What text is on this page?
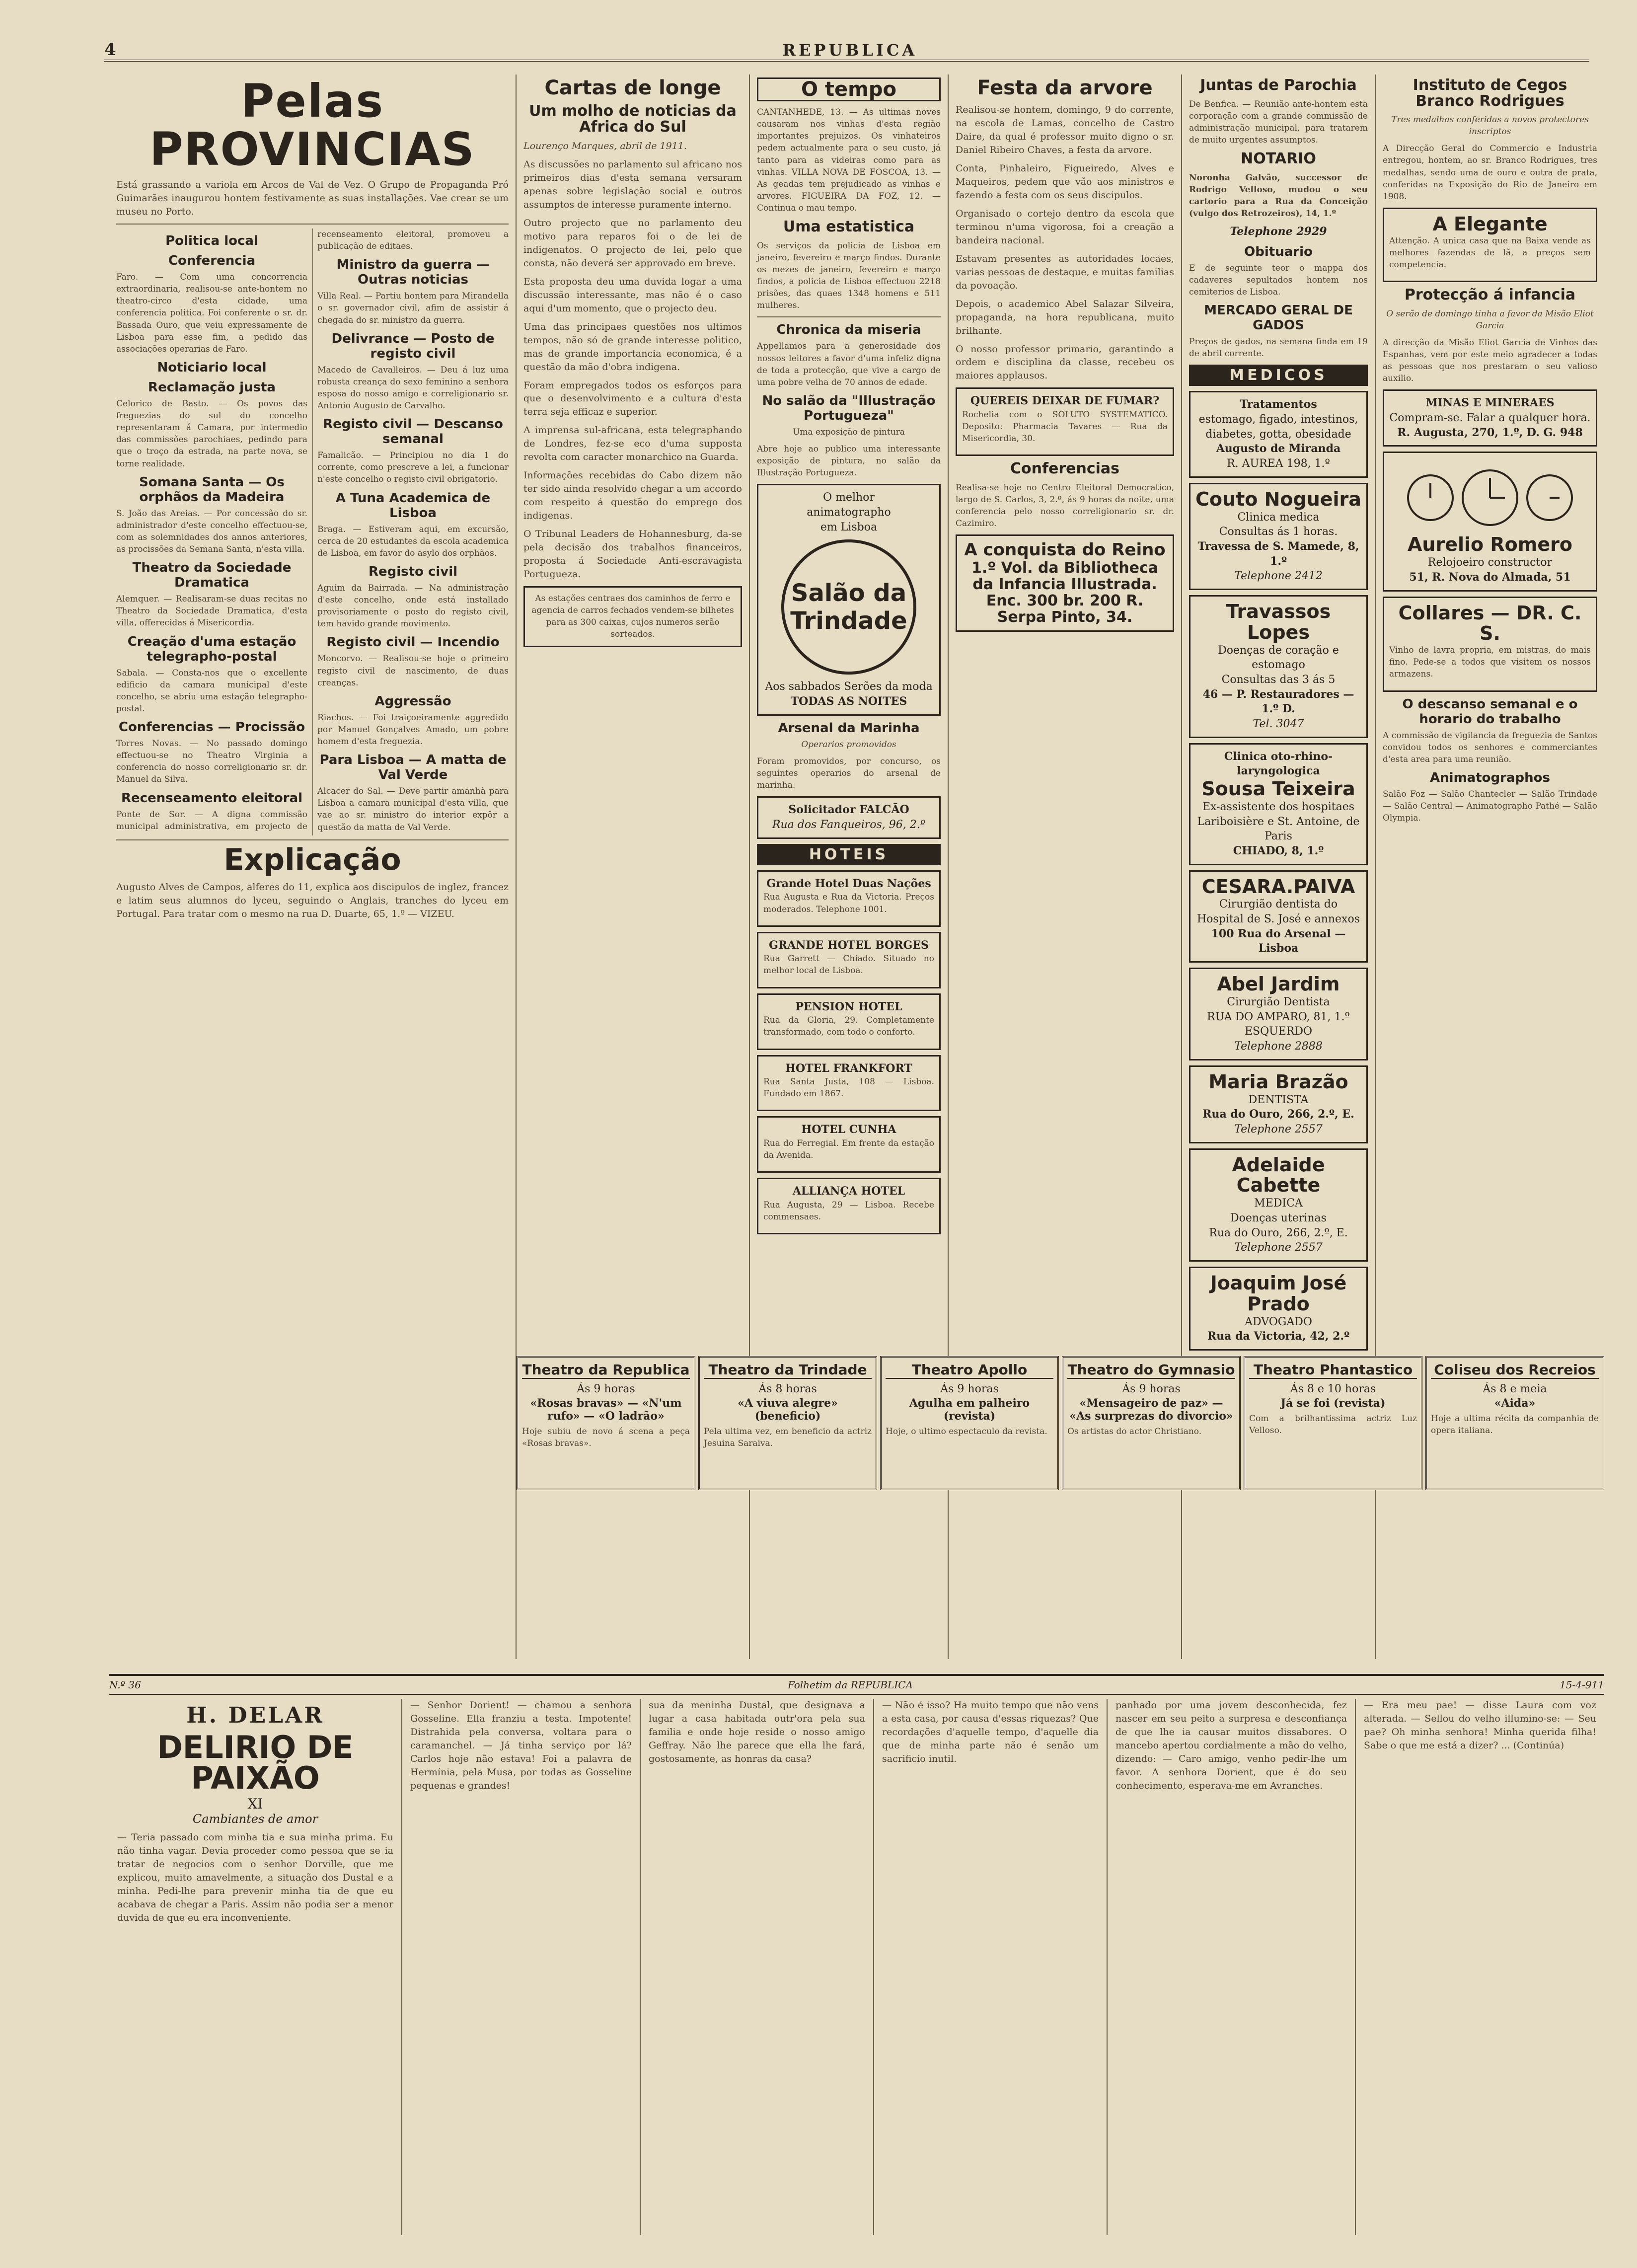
4	REPUBLICA

Pelas PROVINCIAS
Está grassando a variola em Arcos de Val de Vez. O Grupo de Propaganda Pró Guimarães inaugurou hontem festivamente as suas installações. Vae crear se um museu no Porto.
Politica local
Conferencia
Faro. — Com uma concorrencia extraordinaria, realisou-se ante-hontem no theatro-circo d'esta cidade, uma conferencia politica. Foi conferente o sr. dr. Bassada Ouro, que veiu expressamente de Lisboa para esse fim, a pedido das associações operarias de Faro.
Noticiario local
Reclamação justa
Celorico de Basto. — Os povos das freguezias do sul do concelho representaram á Camara, por intermedio das commissões parochiaes, pedindo para que o troço da estrada, na parte nova, se torne realidade.
Somana Santa — Os orphãos da Madeira
S. João das Areias. — Por concessão do sr. administrador d'este concelho effectuou-se, com as solemnidades dos annos anteriores, as procissões da Semana Santa, n'esta villa.
Theatro da Sociedade Dramatica
Alemquer. — Realisaram-se duas recitas no Theatro da Sociedade Dramatica, d'esta villa, offerecidas á Misericordia.
Creação d'uma estação telegrapho-postal
Sabala. — Consta-nos que o excellente edificio da camara municipal d'este concelho, se abriu uma estação telegrapho-postal.
Conferencias — Procissão
Torres Novas. — No passado domingo effectuou-se no Theatro Virginia a conferencia do nosso correligionario sr. dr. Manuel da Silva.
Recenseamento eleitoral
Ponte de Sor. — A digna commissão municipal administrativa, em projecto de recenseamento eleitoral, promoveu a publicação de editaes.
Ministro da guerra — Outras noticias
Villa Real. — Partiu hontem para Mirandella o sr. governador civil, afim de assistir á chegada do sr. ministro da guerra.
Delivrance — Posto de registo civil
Macedo de Cavalleiros. — Deu á luz uma robusta creança do sexo feminino a senhora esposa do nosso amigo e correligionario sr. Antonio Augusto de Carvalho.
Registo civil — Descanso semanal
Famalicão. — Principiou no dia 1 do corrente, como prescreve a lei, a funcionar n'este concelho o registo civil obrigatorio.
A Tuna Academica de Lisboa
Braga. — Estiveram aqui, em excursão, cerca de 20 estudantes da escola academica de Lisboa, em favor do asylo dos orphãos.
Registo civil
Aguim da Bairrada. — Na administração d'este concelho, onde está installado provisoriamente o posto do registo civil, tem havido grande movimento.
Registo civil — Incendio
Moncorvo. — Realisou-se hoje o primeiro registo civil de nascimento, de duas creanças.
Aggressão
Riachos. — Foi traiçoeiramente aggredido por Manuel Gonçalves Amado, um pobre homem d'esta freguezia.
Para Lisboa — A matta de Val Verde
Alcacer do Sal. — Deve partir amanhã para Lisboa a camara municipal d'esta villa, que vae ao sr. ministro do interior expôr a questão da matta de Val Verde.
Explicação
Augusto Alves de Campos, alferes do 11, explica aos discipulos de inglez, francez e latim seus alumnos do lyceu, seguindo o Anglais, tranches do lyceu em Portugal. Para tratar com o mesmo na rua D. Duarte, 65, 1.º — VIZEU.
Cartas de longe
Um molho de noticias da Africa do Sul
Lourenço Marques, abril de 1911.
As discussões no parlamento sul africano nos primeiros dias d'esta semana versaram apenas sobre legislação social e outros assumptos de interesse puramente interno.
Outro projecto que no parlamento deu motivo para reparos foi o de lei de indigenatos. O projecto de lei, pelo que consta, não deverá ser approvado em breve.
Esta proposta deu uma duvida logar a uma discussão interessante, mas não é o caso aqui d'um momento, que o projecto deu.
Uma das principaes questões nos ultimos tempos, não só de grande interesse politico, mas de grande importancia economica, é a questão da mão d'obra indigena.
Foram empregados todos os esforços para que o desenvolvimento e a cultura d'esta terra seja efficaz e superior.
A imprensa sul-africana, esta telegraphando de Londres, fez-se eco d'uma supposta revolta com caracter monarchico na Guarda.
Informações recebidas do Cabo dizem não ter sido ainda resolvido chegar a um accordo com respeito á questão do emprego dos indigenas.
O Tribunal Leaders de Hohannesburg, da-se pela decisão dos trabalhos financeiros, proposta á Sociedade Anti-escravagista Portugueza.
As estações centraes dos caminhos de ferro e agencia de carros fechados vendem-se bilhetes para as 300 caixas, cujos numeros serão sorteados.
O tempo
CANTANHEDE, 13. — As ultimas noves causaram nos vinhas d'esta região importantes prejuizos. Os vinhateiros pedem actualmente para o seu custo, já tanto para as videiras como para as vinhas. VILLA NOVA DE FOSCOA, 13. — As geadas tem prejudicado as vinhas e arvores. FIGUEIRA DA FOZ, 12. — Continua o mau tempo.
Uma estatistica
Os serviços da policia de Lisboa em janeiro, fevereiro e março findos. Durante os mezes de janeiro, fevereiro e março findos, a policia de Lisboa effectuou 2218 prisões, das quaes 1348 homens e 511 mulheres.
Chronica da miseria
Appellamos para a generosidade dos nossos leitores a favor d'uma infeliz digna de toda a protecção, que vive a cargo de uma pobre velha de 70 annos de edade.
No salão da "Illustração Portugueza"
Uma exposição de pintura
Abre hoje ao publico uma interessante exposição de pintura, no salão da Illustração Portugueza.
O melhor
animatographo
em Lisboa
Salão da
Trindade
Aos sabbados Serões da moda
TODAS AS NOITES
Arsenal da Marinha
Operarios promovidos
Foram promovidos, por concurso, os seguintes operarios do arsenal de marinha.
Solicitador FALCÃO
Rua dos Fanqueiros, 96, 2.º
HOTEIS
Grande Hotel Duas Nações
Rua Augusta e Rua da Victoria. Preços moderados. Telephone 1001.
GRANDE HOTEL BORGES
Rua Garrett — Chiado. Situado no melhor local de Lisboa.
PENSION HOTEL
Rua da Gloria, 29. Completamente transformado, com todo o conforto.
HOTEL FRANKFORT
Rua Santa Justa, 108 — Lisboa. Fundado em 1867.
HOTEL CUNHA
Rua do Ferregial. Em frente da estação da Avenida.
ALLIANÇA HOTEL
Rua Augusta, 29 — Lisboa. Recebe commensaes.
Festa da arvore
Realisou-se hontem, domingo, 9 do corrente, na escola de Lamas, concelho de Castro Daire, da qual é professor muito digno o sr. Daniel Ribeiro Chaves, a festa da arvore.
Conta, Pinhaleiro, Figueiredo, Alves e Maqueiros, pedem que vão aos ministros e fazendo a festa com os seus discipulos.
Organisado o cortejo dentro da escola que terminou n'uma vigorosa, foi a creação a bandeira nacional.
Estavam presentes as autoridades locaes, varias pessoas de destaque, e muitas familias da povoação.
Depois, o academico Abel Salazar Silveira, propaganda, na hora republicana, muito brilhante.
O nosso professor primario, garantindo a ordem e disciplina da classe, recebeu os maiores applausos.
QUEREIS DEIXAR DE FUMAR?
Rochelia com o SOLUTO SYSTEMATICO. Deposito: Pharmacia Tavares — Rua da Misericordia, 30.
Conferencias
Realisa-se hoje no Centro Eleitoral Democratico, largo de S. Carlos, 3, 2.º, ás 9 horas da noite, uma conferencia pelo nosso correligionario sr. dr. Cazimiro.
A conquista do Reino
1.º Vol. da Bibliotheca da Infancia Illustrada. Enc. 300 br. 200 R. Serpa Pinto, 34.
Juntas de Parochia
De Benfica. — Reunião ante-hontem esta corporação com a grande commissão de administração municipal, para tratarem de muito urgentes assumptos.
NOTARIO
Noronha Galvão, successor de Rodrigo Velloso, mudou o seu cartorio para a Rua da Conceição (vulgo dos Retrozeiros), 14, 1.º
Telephone 2929
Obituario
E de seguinte teor o mappa dos cadaveres sepultados hontem nos cemiterios de Lisboa.
MERCADO GERAL DE GADOS
Preços de gados, na semana finda em 19 de abril corrente.
MEDICOS
Tratamentos
estomago, figado, intestinos, diabetes, gotta, obesidade
Augusto de Miranda
R. AUREA 198, 1.º
Couto Nogueira
Clinica medica
Consultas ás 1 horas.
Travessa de S. Mamede, 8, 1.º
Telephone 2412
Travassos Lopes
Doenças de coração e estomago
Consultas das 3 ás 5
46 — P. Restauradores — 1.º D.
Tel. 3047
Clinica oto-rhino-laryngologica
Sousa Teixeira
Ex-assistente dos hospitaes Lariboisière e St. Antoine, de Paris
CHIADO, 8, 1.º
CESARA.PAIVA
Cirurgião dentista do Hospital de S. José e annexos
100 Rua do Arsenal — Lisboa
Abel Jardim
Cirurgião Dentista
RUA DO AMPARO, 81, 1.º ESQUERDO
Telephone 2888
Maria Brazão
DENTISTA
Rua do Ouro, 266, 2.º, E.
Telephone 2557
Adelaide Cabette
MEDICA
Doenças uterinas
Rua do Ouro, 266, 2.º, E.
Telephone 2557
Joaquim José Prado
ADVOGADO
Rua da Victoria, 42, 2.º
Instituto de Cegos Branco Rodrigues
Tres medalhas conferidas a novos protectores inscriptos
A Direcção Geral do Commercio e Industria entregou, hontem, ao sr. Branco Rodrigues, tres medalhas, sendo uma de ouro e outra de prata, conferidas na Exposição do Rio de Janeiro em 1908.
A Elegante
Attenção. A unica casa que na Baixa vende as melhores fazendas de lã, a preços sem competencia.
Protecção á infancia
O serão de domingo tinha a favor da Misão Eliot Garcia
A direcção da Misão Eliot Garcia de Vinhos das Espanhas, vem por este meio agradecer a todas as pessoas que nos prestaram o seu valioso auxilio.
MINAS E MINERAES
Compram-se. Falar a qualquer hora.
R. Augusta, 270, 1.º, D. G. 948
Aurelio Romero
Relojoeiro constructor
51, R. Nova do Almada, 51
Collares — DR. C. S.
Vinho de lavra propria, em mistras, do mais fino. Pede-se a todos que visitem os nossos armazens.
O descanso semanal e o horario do trabalho
A commissão de vigilancia da freguezia de Santos convidou todos os senhores e commerciantes d'esta area para uma reunião.
Animatographos
Salão Foz — Salão Chantecler — Salão Trindade — Salão Central — Animatographo Pathé — Salão Olympia.
Theatro da Republica
Ás 9 horas
«Rosas bravas» — «N'um rufo» — «O ladrão»
Hoje subiu de novo á scena a peça «Rosas bravas».
Theatro da Trindade
Ás 8 horas
«A viuva alegre» (beneficio)
Pela ultima vez, em beneficio da actriz Jesuina Saraiva.
Theatro Apollo
Ás 9 horas
Agulha em palheiro (revista)
Hoje, o ultimo espectaculo da revista.
Theatro do Gymnasio
Ás 9 horas
«Mensageiro de paz» — «As surprezas do divorcio»
Os artistas do actor Christiano.
Theatro Phantastico
Ás 8 e 10 horas
Já se foi (revista)
Com a brilhantissima actriz Luz Velloso.
Coliseu dos Recreios
Ás 8 e meia
«Aida»
Hoje a ultima récita da companhia de opera italiana.
N.º 36	Folhetim da REPUBLICA	15-4-911
H. DELAR
DELIRIO DE PAIXÃO
XI
Cambiantes de amor
— Teria passado com minha tia e sua minha prima. Eu não tinha vagar. Devia proceder como pessoa que se ia tratar de negocios com o senhor Dorville, que me explicou, muito amavelmente, a situação dos Dustal e a minha. Pedi-lhe para prevenir minha tia de que eu acabava de chegar a Paris. Assim não podia ser a menor duvida de que eu era inconveniente.
— Senhor Dorient! — chamou a senhora Gosseline. Ella franziu a testa. Impotente! Distrahida pela conversa, voltara para o caramanchel. — Já tinha serviço por lá? Carlos hoje não estava! Foi a palavra de Hermínia, pela Musa, por todas as Gosseline pequenas e grandes!
sua da meninha Dustal, que designava a lugar a casa habitada outr'ora pela sua familia e onde hoje reside o nosso amigo Geffray. Não lhe parece que ella lhe fará, gostosamente, as honras da casa?
— Não é isso? Ha muito tempo que não vens a esta casa, por causa d'essas riquezas? Que recordações d'aquelle tempo, d'aquelle dia que de minha parte não é senão um sacrificio inutil.
panhado por uma jovem desconhecida, fez nascer em seu peito a surpresa e desconfiança de que lhe ia causar muitos dissabores. O mancebo apertou cordialmente a mão do velho, dizendo: — Caro amigo, venho pedir-lhe um favor. A senhora Dorient, que é do seu conhecimento, esperava-me em Avranches.
— Era meu pae! — disse Laura com voz alterada. — Sellou do velho illumino-se: — Seu pae? Oh minha senhora! Minha querida filha! Sabe o que me está a dizer? ... (Continúa)
